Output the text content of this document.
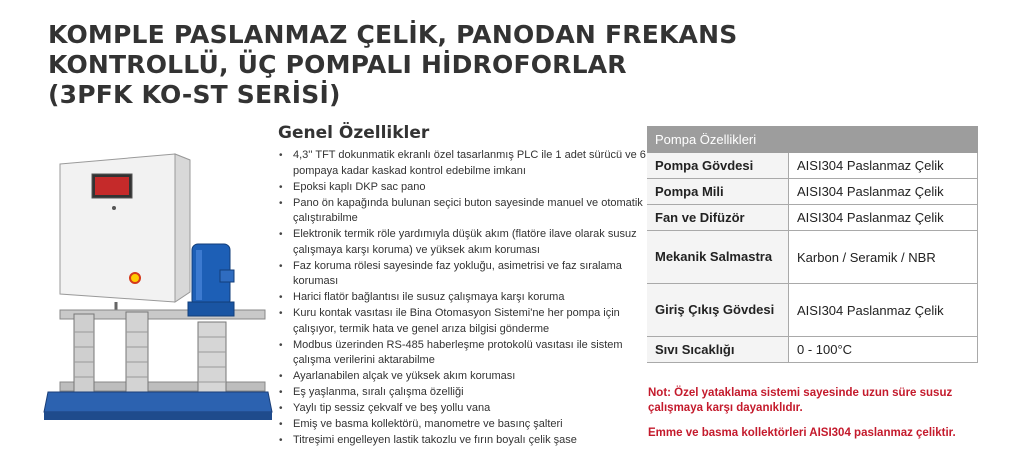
KOMPLE PASLANMAZ ÇELİK, PANODAN FREKANS
KONTROLLÜ, ÜÇ POMPALI HİDROFORLAR
(3PFK KO-ST SERİSİ)
Genel Özellikler
• 4,3'' TFT dokunmatik ekranlı özel tasarlanmış PLC ile 1 adet sürücü ve 6 pompaya kadar kaskad kontrol edebilme imkanı
• Epoksi kaplı DKP sac pano
• Pano ön kapağında bulunan seçici buton sayesinde manuel ve otomatik çalıştırabilme
• Elektronik termik röle yardımıyla düşük akım (flatöre ilave olarak susuz çalışmaya karşı koruma) ve yüksek akım koruması
• Faz koruma rölesi sayesinde faz yokluğu, asimetrisi ve faz sıralama koruması
• Harici flatör bağlantısı ile susuz çalışmaya karşı koruma
• Kuru kontak vasıtası ile Bina Otomasyon Sistemi'ne her pompa için çalışıyor, termik hata ve genel arıza bilgisi gönderme
• Modbus üzerinden RS-485 haberleşme protokolü vasıtası ile sistem çalışma verilerini aktarabilme
• Ayarlanabilen alçak ve yüksek akım koruması
• Eş yaşlanma, sıralı çalışma özelliği
• Yaylı tip sessiz çekvalf ve beş yollu vana
• Emiş ve basma kollektörü, manometre ve basınç şalteri
• Titreşimi engelleyen lastik takozlu ve fırın boyalı çelik şase
Pompa Özellikleri	
Pompa Gövdesi	AISI304 Paslanmaz Çelik
Pompa Mili	AISI304 Paslanmaz Çelik
Fan ve Difüzör	AISI304 Paslanmaz Çelik
Mekanik Salmastra	Karbon / Seramik / NBR
Giriş Çıkış Gövdesi	AISI304 Paslanmaz Çelik
Sıvı Sıcaklığı	0 - 100°C

Not: Özel yataklama sistemi sayesinde uzun süre susuz çalışmaya karşı dayanıklıdır.

Emme ve basma kollektörleri AISI304 paslanmaz çeliktir.
